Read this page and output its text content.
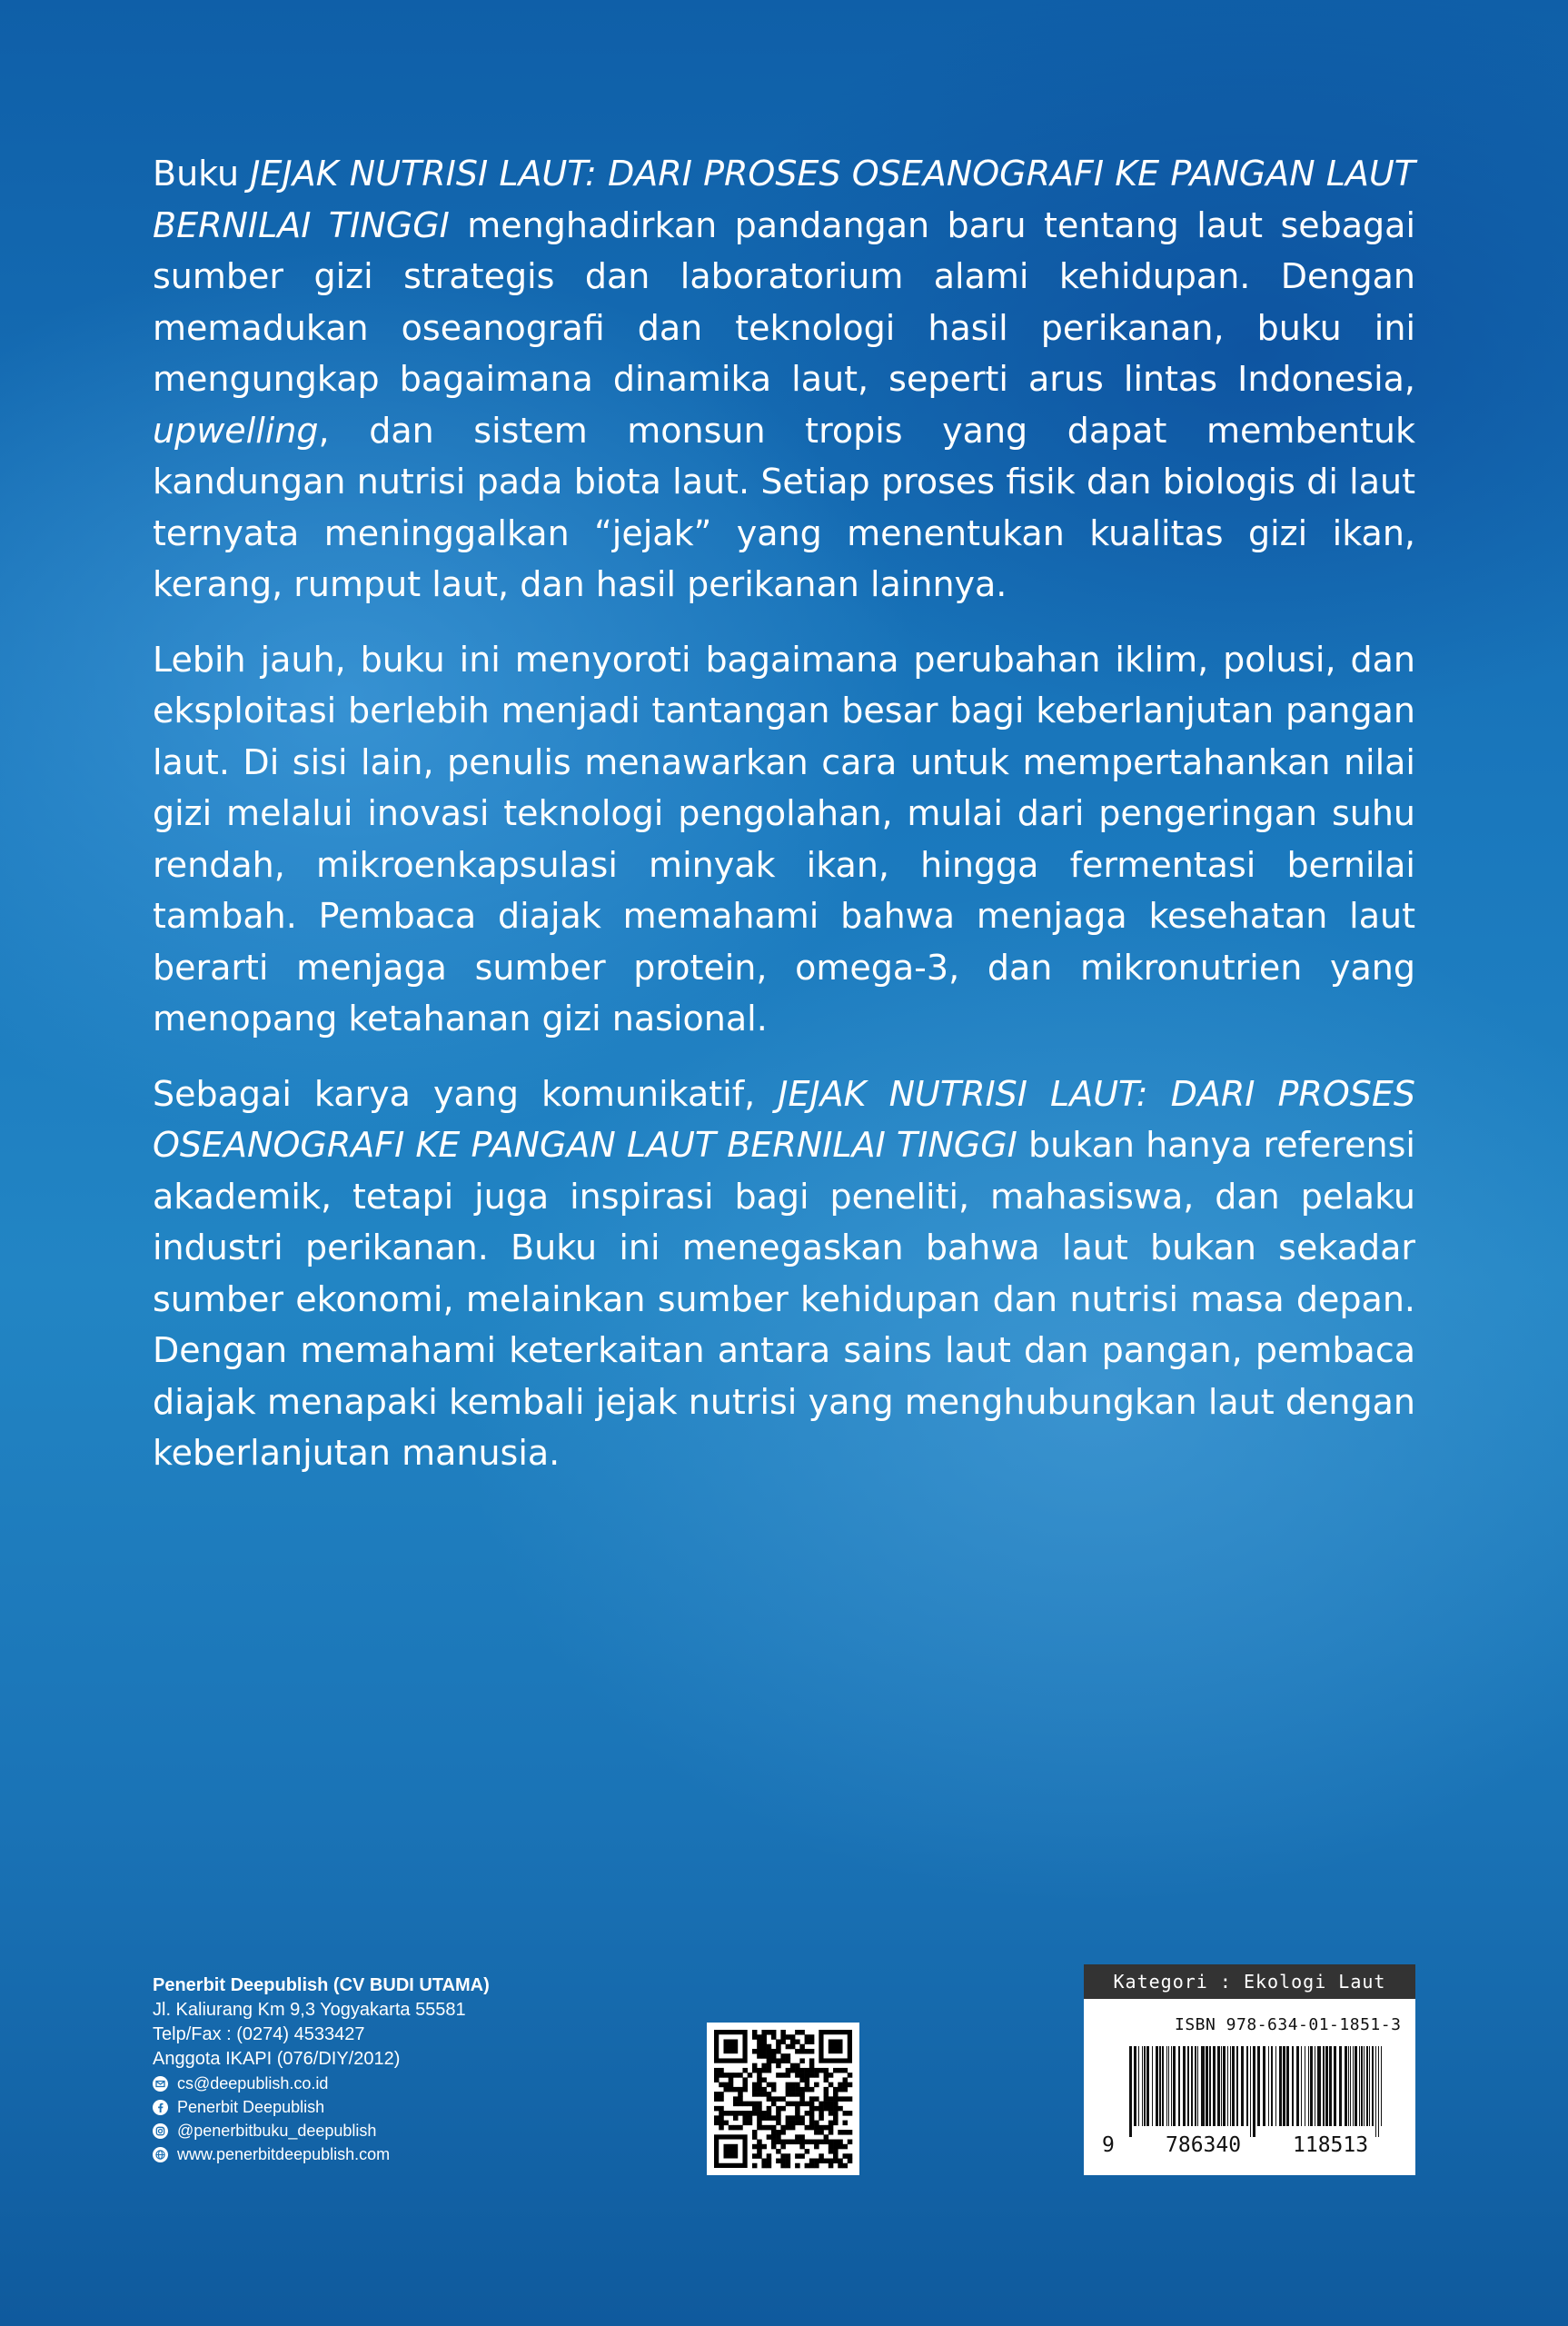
Buku JEJAK NUTRISI LAUT: DARI PROSES OSEANOGRAFI KE PANGAN LAUT BERNILAI TINGGI menghadirkan pandangan baru tentang laut sebagai sumber gizi strategis dan laboratorium alami kehidupan. Dengan memadukan oseanografi dan teknologi hasil perikanan, buku ini mengungkap bagaimana dinamika laut, seperti arus lintas Indonesia, upwelling, dan sistem monsun tropis yang dapat membentuk kandungan nutrisi pada biota laut. Setiap proses fisik dan biologis di laut ternyata meninggalkan “jejak” yang menentukan kualitas gizi ikan, kerang, rumput laut, dan hasil perikanan lainnya.

Lebih jauh, buku ini menyoroti bagaimana perubahan iklim, polusi, dan eksploitasi berlebih menjadi tantangan besar bagi keberlanjutan pangan laut. Di sisi lain, penulis menawarkan cara untuk mempertahankan nilai gizi melalui inovasi teknologi pengolahan, mulai dari pengeringan suhu rendah, mikroenkapsulasi minyak ikan, hingga fermentasi bernilai tambah. Pembaca diajak memahami bahwa menjaga kesehatan laut berarti menjaga sumber protein, omega-3, dan mikronutrien yang menopang ketahanan gizi nasional.

Sebagai karya yang komunikatif, JEJAK NUTRISI LAUT: DARI PROSES OSEANOGRAFI KE PANGAN LAUT BERNILAI TINGGI bukan hanya referensi akademik, tetapi juga inspirasi bagi peneliti, mahasiswa, dan pelaku industri perikanan. Buku ini menegaskan bahwa laut bukan sekadar sumber ekonomi, melainkan sumber kehidupan dan nutrisi masa depan. Dengan memahami keterkaitan antara sains laut dan pangan, pembaca diajak menapaki kembali jejak nutrisi yang menghubungkan laut dengan keberlanjutan manusia.

Penerbit Deepublish (CV BUDI UTAMA)
Jl. Kaliurang Km 9,3 Yogyakarta 55581
Telp/Fax : (0274) 4533427
Anggota IKAPI (076/DIY/2012)
cs@deepublish.co.id
Penerbit Deepublish
@penerbitbuku_deepublish
www.penerbitdeepublish.com
Kategori : Ekologi Laut
ISBN 978-634-01-1851-3
9 786340 118513
